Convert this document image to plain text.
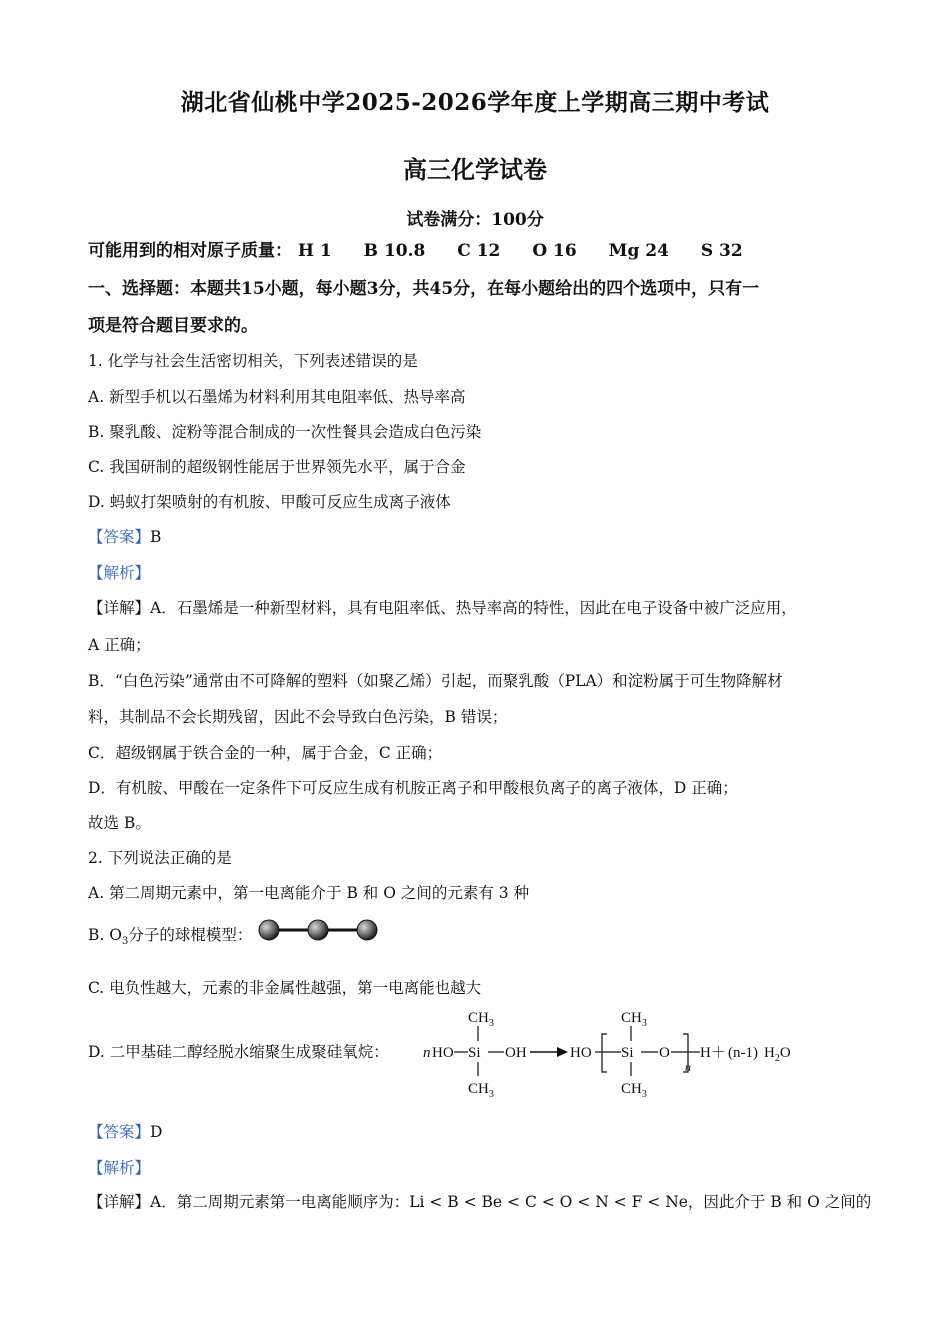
湖北省仙桃中学2025-2026学年度上学期高三期中考试
高三化学试卷
试卷满分：100分
可能用到的相对原子质量： H 1 B 10.8 C 12 O 16 Mg 24 S 32
一、选择题：本题共15小题，每小题3分，共45分，在每小题给出的四个选项中，只有一
项是符合题目要求的。
1. 化学与社会生活密切相关，下列表述错误的是
A. 新型手机以石墨烯为材料利用其电阻率低、热导率高
B. 聚乳酸、淀粉等混合制成的一次性餐具会造成白色污染
C. 我国研制的超级钢性能居于世界领先水平，属于合金
D. 蚂蚁打架喷射的有机胺、甲酸可反应生成离子液体
【答案】B
【解析】
【详解】A．石墨烯是一种新型材料，具有电阻率低、热导率高的特性，因此在电子设备中被广泛应用，
A 正确；
B．“白色污染”通常由不可降解的塑料（如聚乙烯）引起，而聚乳酸（PLA）和淀粉属于可生物降解材
料，其制品不会长期残留，因此不会导致白色污染，B 错误；
C．超级钢属于铁合金的一种，属于合金，C 正确；
D．有机胺、甲酸在一定条件下可反应生成有机胺正离子和甲酸根负离子的离子液体，D 正确；
故选 B。
2. 下列说法正确的是
A. 第二周期元素中，第一电离能介于 B 和 O 之间的元素有 3 种
B. $O_3$分子的球棍模型：
C. 电负性越大，元素的非金属性越强，第一电离能也越大
D. 二甲基硅二醇经脱水缩聚生成聚硅氧烷：	n HO Si
$CH_3$
$CH_3$
OH	HO Si
$CH_3$
$CH_3$
O
n
H ＋ (n-1) $H_2O$
【答案】D
【解析】
【详解】A．第二周期元素第一电离能顺序为：Li < B < Be < C < O < N < F < Ne，因此介于 B 和 O 之间的
